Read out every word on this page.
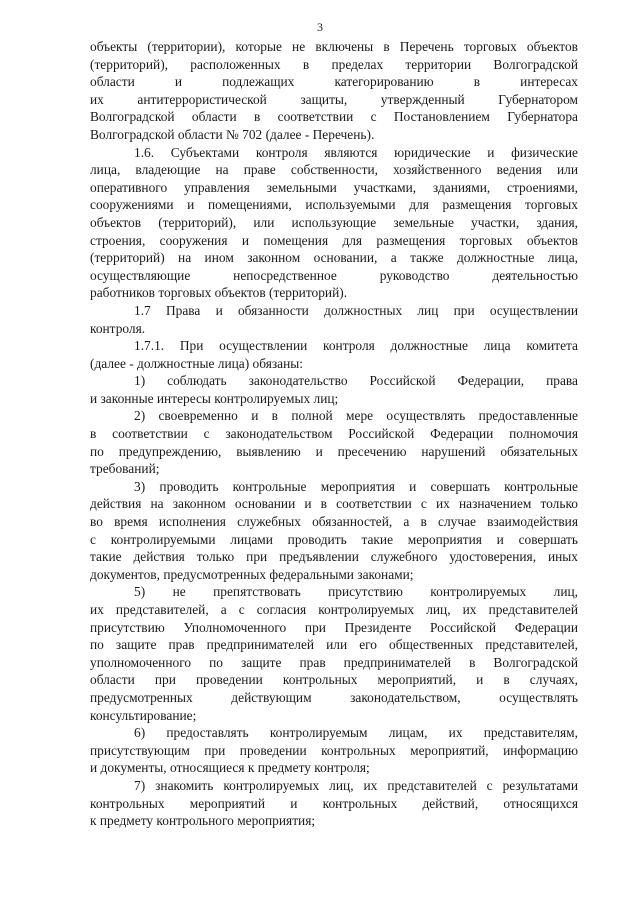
3
объекты (территории), которые не включены в Перечень торговых объектов
(территорий), расположенных в пределах территории Волгоградской
области и подлежащих категорированию в интересах
их антитеррористической защиты, утвержденный Губернатором
Волгоградской области в соответствии с Постановлением Губернатора
Волгоградской области № 702 (далее - Перечень).
1.6. Субъектами контроля являются юридические и физические
лица, владеющие на праве собственности, хозяйственного ведения или
оперативного управления земельными участками, зданиями, строениями,
сооружениями и помещениями, используемыми для размещения торговых
объектов (территорий), или использующие земельные участки, здания,
строения, сооружения и помещения для размещения торговых объектов
(территорий) на ином законном основании, а также должностные лица,
осуществляющие непосредственное руководство деятельностью
работников торговых объектов (территорий).
1.7 Права и обязанности должностных лиц при осуществлении
контроля.
1.7.1. При осуществлении контроля должностные лица комитета
(далее - должностные лица) обязаны:
1) соблюдать законодательство Российской Федерации, права
и законные интересы контролируемых лиц;
2) своевременно и в полной мере осуществлять предоставленные
в соответствии с законодательством Российской Федерации полномочия
по предупреждению, выявлению и пресечению нарушений обязательных
требований;
3) проводить контрольные мероприятия и совершать контрольные
действия на законном основании и в соответствии с их назначением только
во время исполнения служебных обязанностей, а в случае взаимодействия
с контролируемыми лицами проводить такие мероприятия и совершать
такие действия только при предъявлении служебного удостоверения, иных
документов, предусмотренных федеральными законами;
5) не препятствовать присутствию контролируемых лиц,
их представителей, а с согласия контролируемых лиц, их представителей
присутствию Уполномоченного при Президенте Российской Федерации
по защите прав предпринимателей или его общественных представителей,
уполномоченного по защите прав предпринимателей в Волгоградской
области при проведении контрольных мероприятий, и в случаях,
предусмотренных действующим законодательством, осуществлять
консультирование;
6) предоставлять контролируемым лицам, их представителям,
присутствующим при проведении контрольных мероприятий, информацию
и документы, относящиеся к предмету контроля;
7) знакомить контролируемых лиц, их представителей с результатами
контрольных мероприятий и контрольных действий, относящихся
к предмету контрольного мероприятия;
